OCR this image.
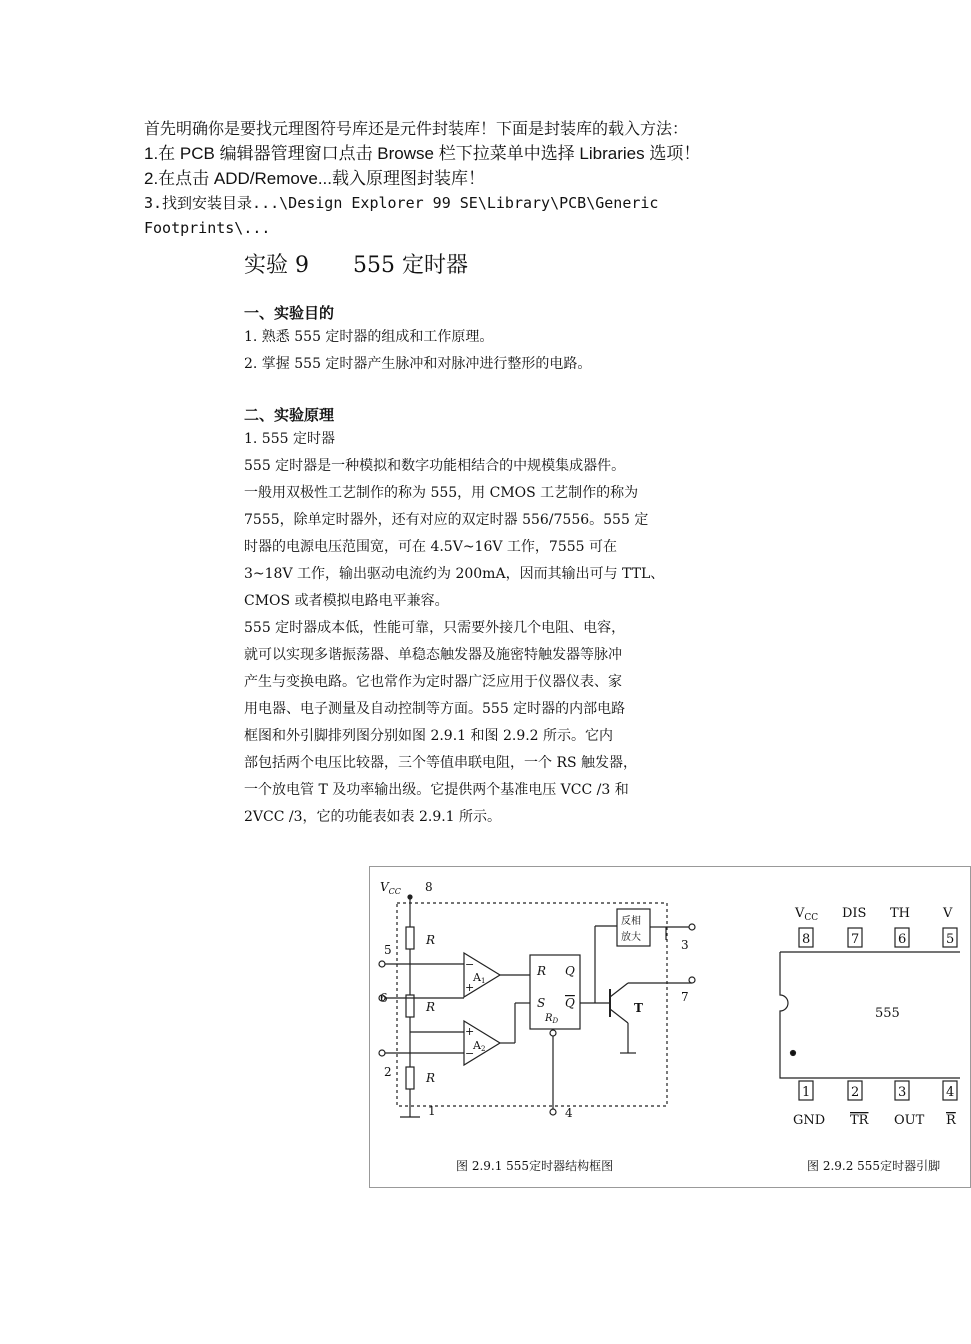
首先明确你是要找元理图符号库还是元件封装库！下面是封装库的载入方法：
1.在 PCB 编辑器管理窗口点击 Browse 栏下拉菜单中选择 Libraries 选项！
2.在点击 ADD/Remove...载入原理图封装库！
3.找到安装目录...\Design Explorer 99 SE\Library\PCB\Generic
Footprints\...
实验 9 555 定时器
一、实验目的
1. 熟悉 555 定时器的组成和工作原理。
2. 掌握 555 定时器产生脉冲和对脉冲进行整形的电路。
二、实验原理
1. 555 定时器
555 定时器是一种模拟和数字功能相结合的中规模集成器件。
一般用双极性工艺制作的称为 555，用 CMOS 工艺制作的称为
7555，除单定时器外，还有对应的双定时器 556/7556。555 定
时器的电源电压范围宽，可在 4.5V~16V 工作，7555 可在
3~18V 工作，输出驱动电流约为 200mA，因而其输出可与 TTL、
CMOS 或者模拟电路电平兼容。
555 定时器成本低，性能可靠，只需要外接几个电阻、电容，
就可以实现多谐振荡器、单稳态触发器及施密特触发器等脉冲
产生与变换电路。它也常作为定时器广泛应用于仪器仪表、家
用电器、电子测量及自动控制等方面。555 定时器的内部电路
框图和外引脚排列图分别如图 2.9.1 和图 2.9.2 所示。它内
部包括两个电压比较器，三个等值串联电阻，一个 RS 触发器，
一个放电管 T 及功率输出级。它提供两个基准电压 VCC /3 和
2VCC /3，它的功能表如表 2.9.1 所示。
$V_{CC}$ 8
5
6
2
1	4
3
7
R
R
R
A1
A2
−
+
+
−
R Q
S Q
$R_D$
反相
放大
T
图 2.9.1 555定时器结构框图
$V_{CC}$ DIS TH	V
8	7	6	5
555
1	2	3	4
GND TR OUT R
图 2.9.2 555定时器引脚
